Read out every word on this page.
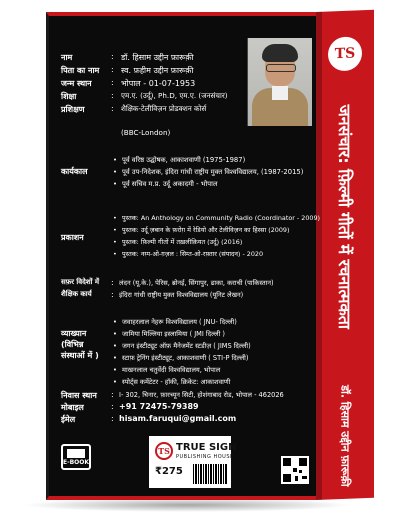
TS
जनसंचार: फ़िल्मी गीतों में रचनात्मकता
डॉ. हिसाम उद्दीन फ़ारूक़ी
नाम	: डॉ. हिसाम उद्दीन फ़ारूक़ी
पिता का नाम : स्व. फ़हीम उद्दीन फ़ारूक़ी
जन्म स्थान : भोपाल - 01-07-1953
शिक्षा	: एम.ए. (उर्दू), Ph.D, एम.ए. (जनसंचार)
प्रशिक्षण	: शैक्षिक-टेलीविज़न प्रोडक्शन कोर्स
(BBC-London)
कार्यकाल
• पूर्व वरिष्ठ उद्घोषक, आकाशवाणी (1975-1987)
• पूर्व उप-निदेशक, इंदिरा गांधी राष्ट्रीय मुक्त विश्वविद्यालय, (1987-2015)
• पूर्व सचिव म.प्र. उर्दू अकादमी - भोपाल
प्रकाशन
• पुस्तक: An Anthology on Community Radio (Coordinator - 2009)
• पुस्तक: उर्दू ज़बान के फ़रोग़ में रेडियो और टेलीविज़न का हिस्सा (2009)
• पुस्तक: फ़िल्मी गीतों में तख़लीक़ियत (उर्दू) (2016)
• पुस्तक: नग़्म-ओ-ग़ज़ल : सिम्त-ओ-रफ़्तार (संपादन) - 2020
सफ़र विदेशों में : लंदन (यू.के.), पेरिस, ब्रोनई, सिंगापुर, ढाका, कराची (पाकिस्तान)
शैक्षिक कार्य : इंदिरा गांधी राष्ट्रीय मुक्त विश्वविद्यालय (यूनिट लेखन)
व्याख्यान
(विभिन्न
संस्थाओं में )
• जवाहरलाल नेहरू विश्वविद्यालय ( JNU- दिल्ली)
• जामिया मिल्लिया इस्लामिया ( JMI दिल्ली )
• जगन इंस्टीट्यूट ऑफ़ मैनेजमेंट स्टडीज़ ( JIMS दिल्ली)
• स्टाफ़ ट्रेनिंग इंस्टीट्यूट, आकाशवाणी ( STI-P दिल्ली)
• माखनलाल चतुर्वेदी विश्वविद्यालय, भोपाल
• स्पोर्ट्स कमेंटेटर - हॉकी, क्रिकेट: आकाशवाणी
निवास स्थान : I- 302, चिनार, फ़ारच्यून सिटी, होशंगाबाद रोड, भोपाल - 462026
मोबाइल	: +91 72475-79389
ईमेल	: hisam.faruqui@gmail.com
E-BOOK
TS TRUE SIGN
PUBLISHING HOUSE
₹275
